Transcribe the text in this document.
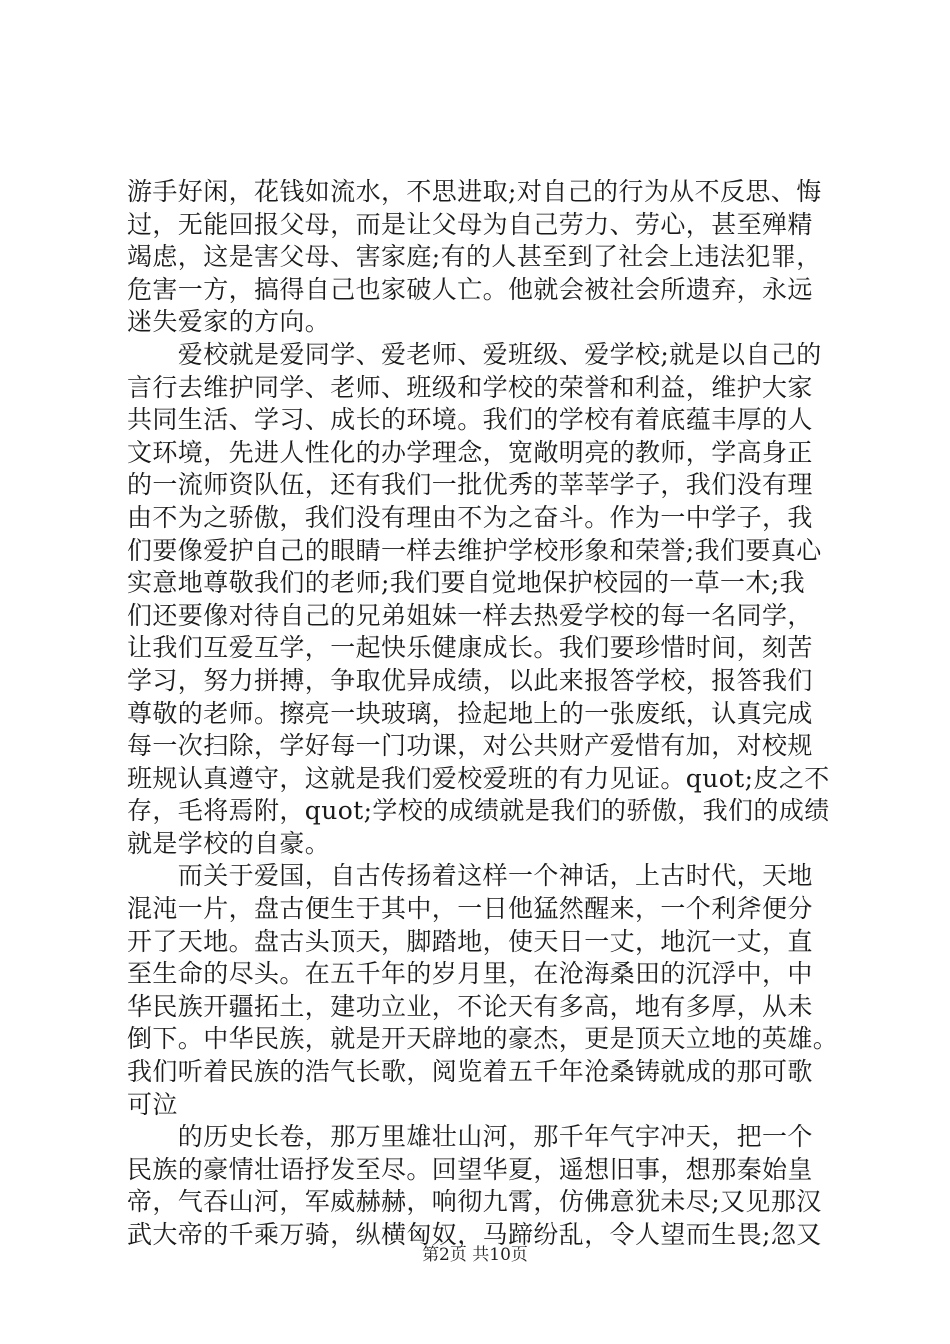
游手好闲，花钱如流水，不思进取;对自己的行为从不反思、悔
过，无能回报父母，而是让父母为自己劳力、劳心，甚至殚精
竭虑，这是害父母、害家庭;有的人甚至到了社会上违法犯罪，
危害一方，搞得自己也家破人亡。他就会被社会所遗弃，永远
迷失爱家的方向。
　　爱校就是爱同学、爱老师、爱班级、爱学校;就是以自己的
言行去维护同学、老师、班级和学校的荣誉和利益，维护大家
共同生活、学习、成长的环境。我们的学校有着底蕴丰厚的人
文环境，先进人性化的办学理念，宽敞明亮的教师，学高身正
的一流师资队伍，还有我们一批优秀的莘莘学子，我们没有理
由不为之骄傲，我们没有理由不为之奋斗。作为一中学子，我
们要像爱护自己的眼睛一样去维护学校形象和荣誉;我们要真心
实意地尊敬我们的老师;我们要自觉地保护校园的一草一木;我
们还要像对待自己的兄弟姐妹一样去热爱学校的每一名同学，
让我们互爱互学，一起快乐健康成长。我们要珍惜时间，刻苦
学习，努力拼搏，争取优异成绩，以此来报答学校，报答我们
尊敬的老师。擦亮一块玻璃，捡起地上的一张废纸，认真完成
每一次扫除，学好每一门功课，对公共财产爱惜有加，对校规
班规认真遵守，这就是我们爱校爱班的有力见证。quot;皮之不
存，毛将焉附，quot;学校的成绩就是我们的骄傲，我们的成绩
就是学校的自豪。
　　而关于爱国，自古传扬着这样一个神话，上古时代，天地
混沌一片，盘古便生于其中，一日他猛然醒来，一个利斧便分
开了天地。盘古头顶天，脚踏地，使天日一丈，地沉一丈，直
至生命的尽头。在五千年的岁月里，在沧海桑田的沉浮中，中
华民族开疆拓土，建功立业，不论天有多高，地有多厚，从未
倒下。中华民族，就是开天辟地的豪杰，更是顶天立地的英雄。
我们听着民族的浩气长歌，阅览着五千年沧桑铸就成的那可歌
可泣
　　的历史长卷，那万里雄壮山河，那千年气宇冲天，把一个
民族的豪情壮语抒发至尽。回望华夏，遥想旧事，想那秦始皇
帝，气吞山河，军威赫赫，响彻九霄，仿佛意犹未尽;又见那汉
武大帝的千乘万骑，纵横匈奴，马蹄纷乱，令人望而生畏;忽又
第2页 共10页
